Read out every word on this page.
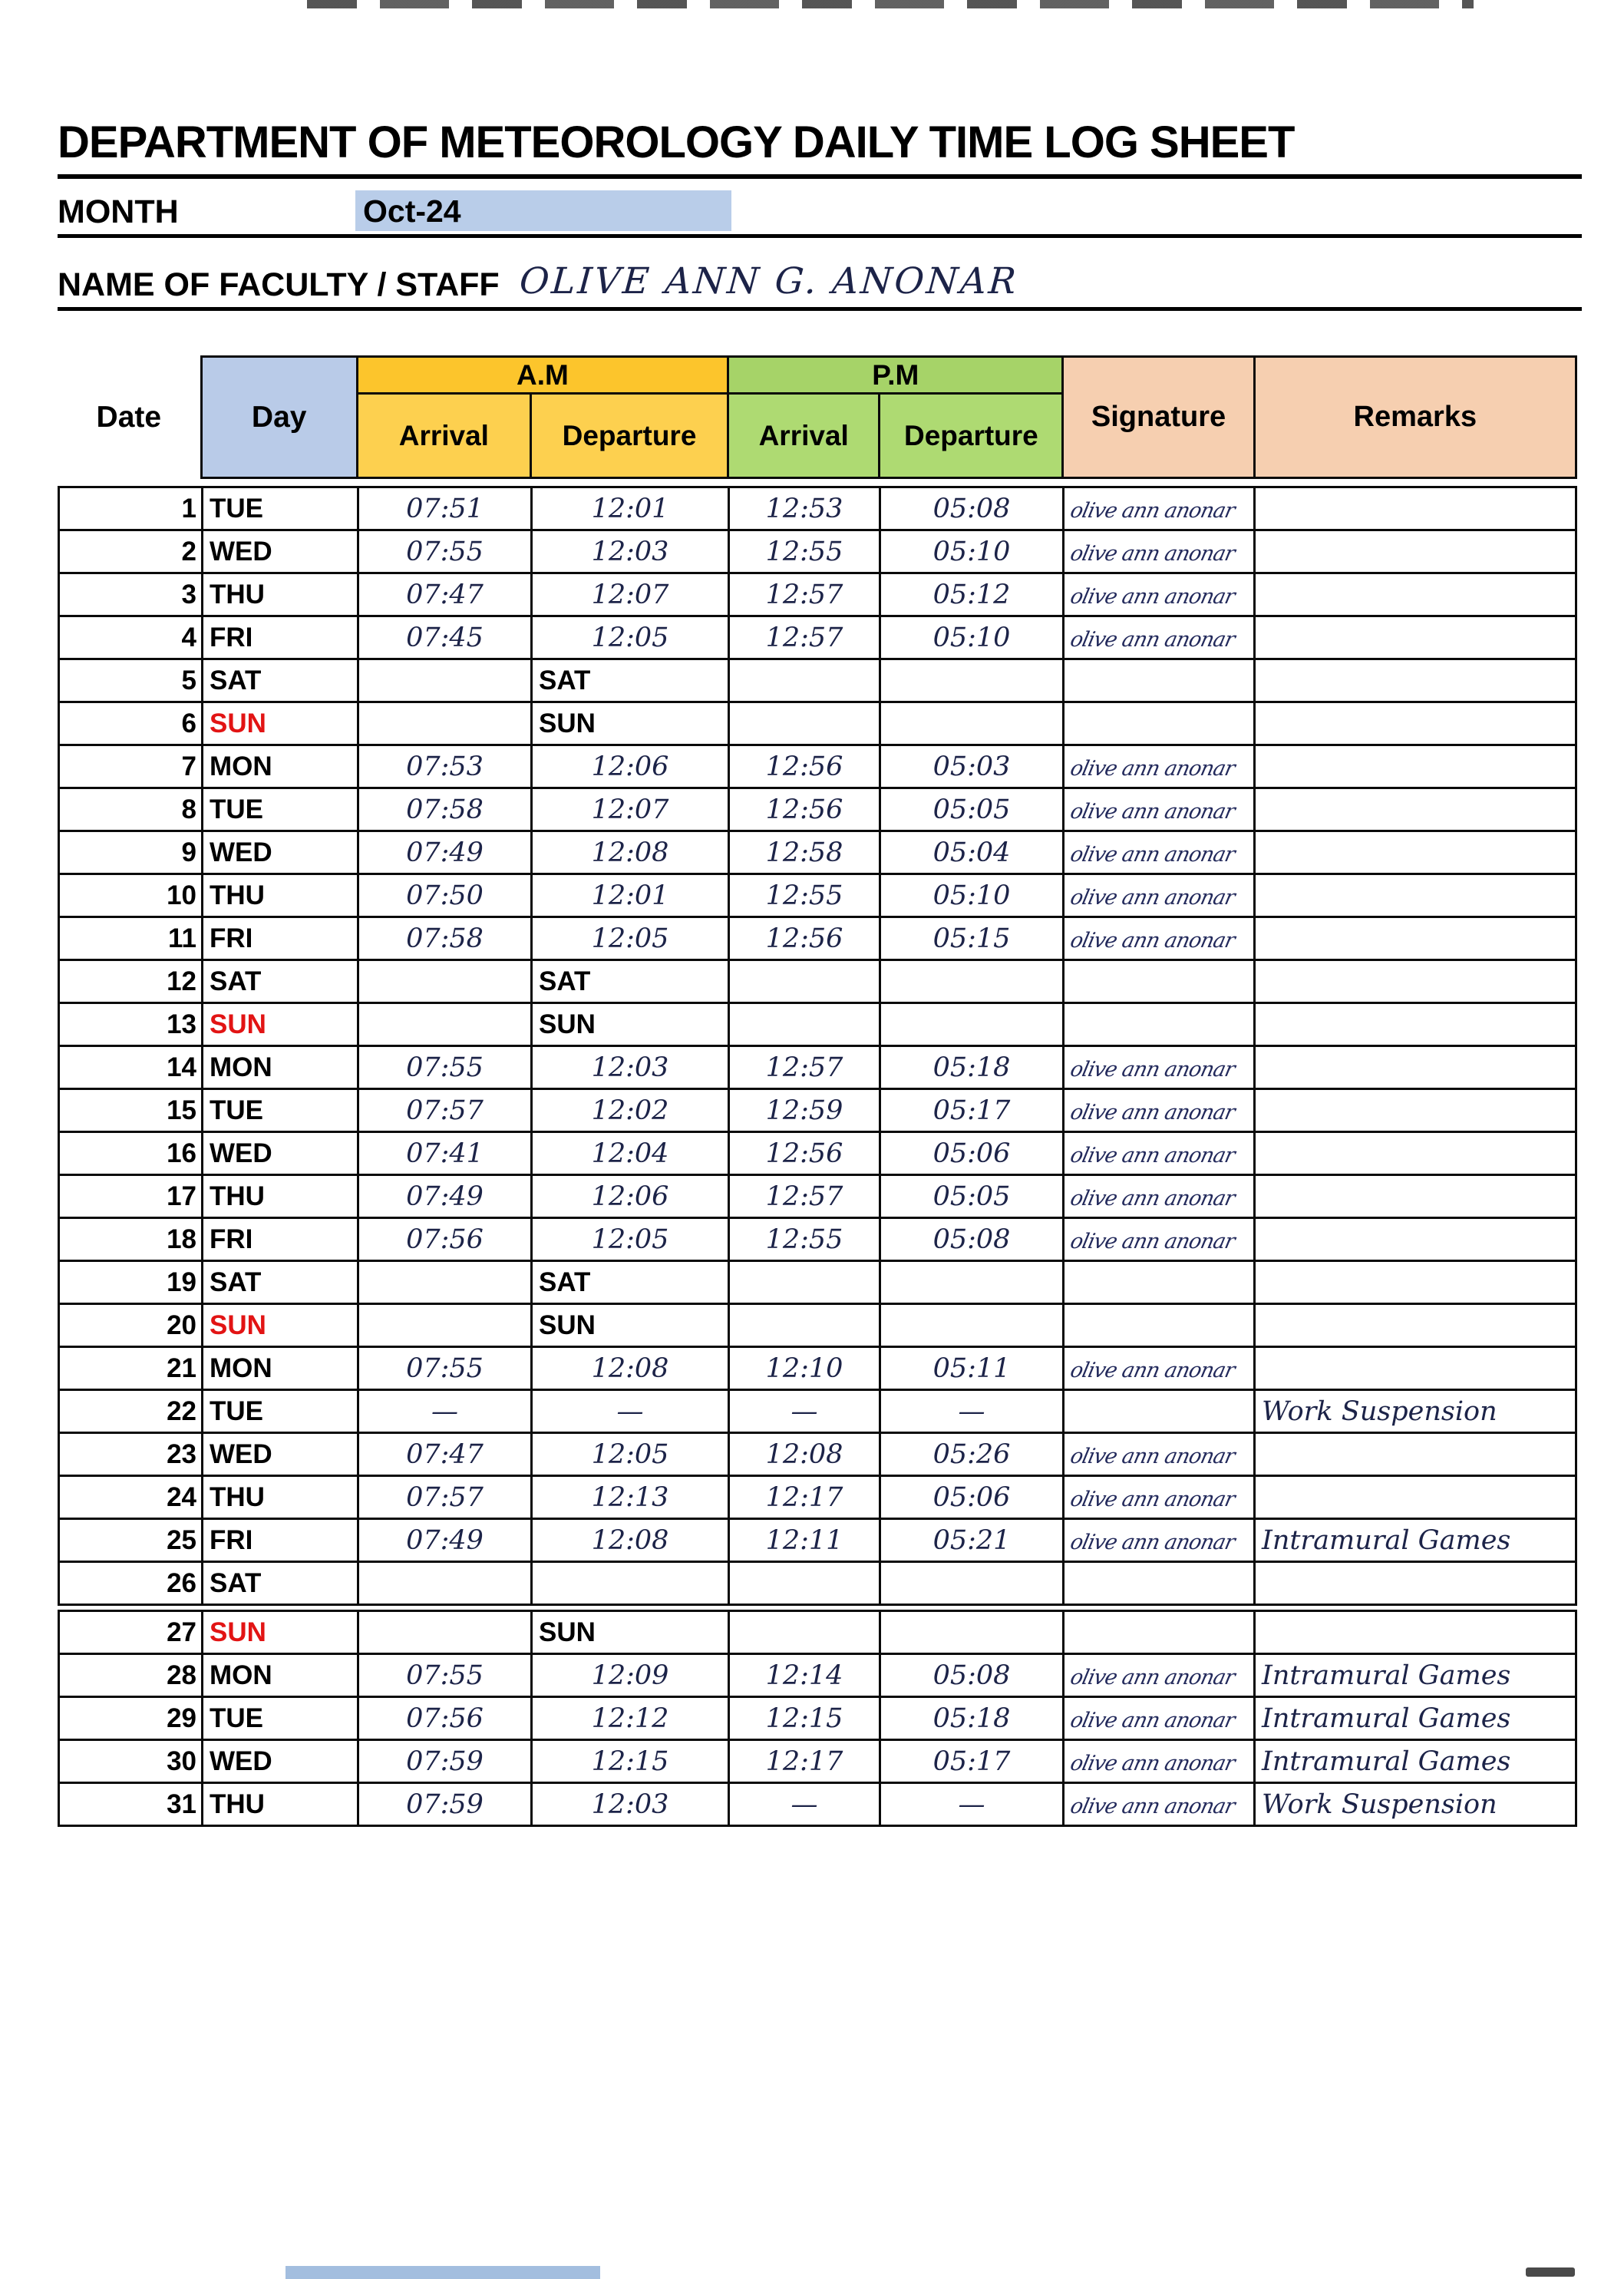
DEPARTMENT OF METEOROLOGY DAILY TIME LOG SHEET
MONTH	Oct-24
NAME OF FACULTY / STAFF OLIVE ANN G. ANONAR
Date	Day	A.M		P.M		Signature	Remarks
		Arrival	Departure	Arrival	Departure		
1	TUE	07:51	12:01	12:53	05:08	olive ann anonar	
2	WED	07:55	12:03	12:55	05:10	olive ann anonar	
3	THU	07:47	12:07	12:57	05:12	olive ann anonar	
4	FRI	07:45	12:05	12:57	05:10	olive ann anonar	
5	SAT		SAT				
6	SUN		SUN				
7	MON	07:53	12:06	12:56	05:03	olive ann anonar	
8	TUE	07:58	12:07	12:56	05:05	olive ann anonar	
9	WED	07:49	12:08	12:58	05:04	olive ann anonar	
10	THU	07:50	12:01	12:55	05:10	olive ann anonar	
11	FRI	07:58	12:05	12:56	05:15	olive ann anonar	
12	SAT		SAT				
13	SUN		SUN				
14	MON	07:55	12:03	12:57	05:18	olive ann anonar	
15	TUE	07:57	12:02	12:59	05:17	olive ann anonar	
16	WED	07:41	12:04	12:56	05:06	olive ann anonar	
17	THU	07:49	12:06	12:57	05:05	olive ann anonar	
18	FRI	07:56	12:05	12:55	05:08	olive ann anonar	
19	SAT		SAT				
20	SUN		SUN				
21	MON	07:55	12:08	12:10	05:11	olive ann anonar	
22	TUE	—	—	—	—		Work Suspension
23	WED	07:47	12:05	12:08	05:26	olive ann anonar	
24	THU	07:57	12:13	12:17	05:06	olive ann anonar	
25	FRI	07:49	12:08	12:11	05:21	olive ann anonar	Intramural Games
26	SAT						

27	SUN		SUN				
28	MON	07:55	12:09	12:14	05:08	olive ann anonar	Intramural Games
29	TUE	07:56	12:12	12:15	05:18	olive ann anonar	Intramural Games
30	WED	07:59	12:15	12:17	05:17	olive ann anonar	Intramural Games
31	THU	07:59	12:03	—	—	olive ann anonar	Work Suspension
